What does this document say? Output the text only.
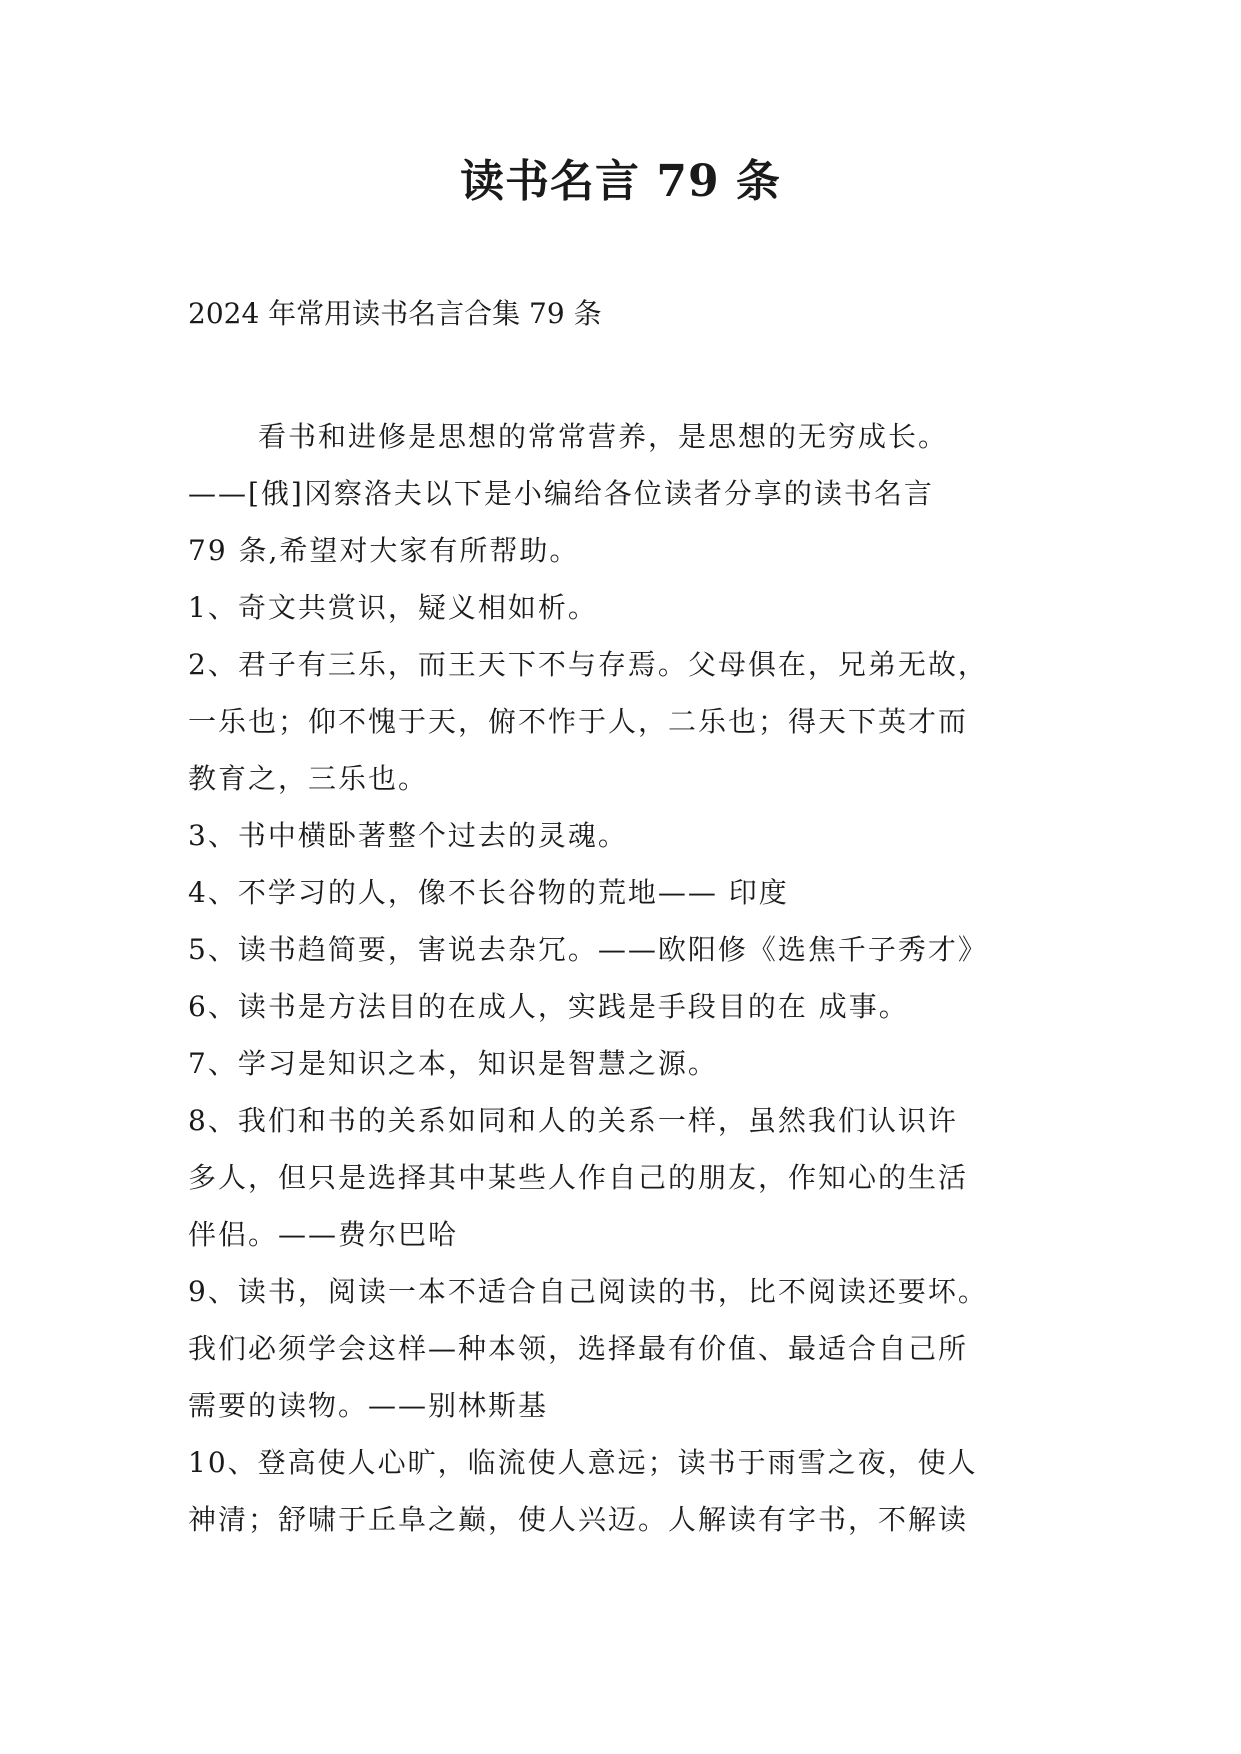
读书名言 79 条

2024 年常用读书名言合集 79 条

看书和进修是思想的常常营养，是思想的无穷成长。
——[俄]冈察洛夫以下是小编给各位读者分享的读书名言
79 条,希望对大家有所帮助。
1、奇文共赏识，疑义相如析。
2、君子有三乐，而王天下不与存焉。父母俱在，兄弟无故，
一乐也；仰不愧于天，俯不怍于人，二乐也；得天下英才而
教育之，三乐也。
3、书中横卧著整个过去的灵魂。
4、不学习的人，像不长谷物的荒地—— 印度
5、读书趋简要，害说去杂冗。——欧阳修《选焦千子秀才》
6、读书是方法目的在成人，实践是手段目的在 成事。
7、学习是知识之本，知识是智慧之源。
8、我们和书的关系如同和人的关系一样，虽然我们认识许
多人，但只是选择其中某些人作自己的朋友，作知心的生活
伴侣。——费尔巴哈
9、读书，阅读一本不适合自己阅读的书，比不阅读还要坏。
我们必须学会这样—种本领，选择最有价值、最适合自己所
需要的读物。——别林斯基
10、登高使人心旷，临流使人意远；读书于雨雪之夜，使人
神清；舒啸于丘阜之巅，使人兴迈。人解读有字书，不解读
